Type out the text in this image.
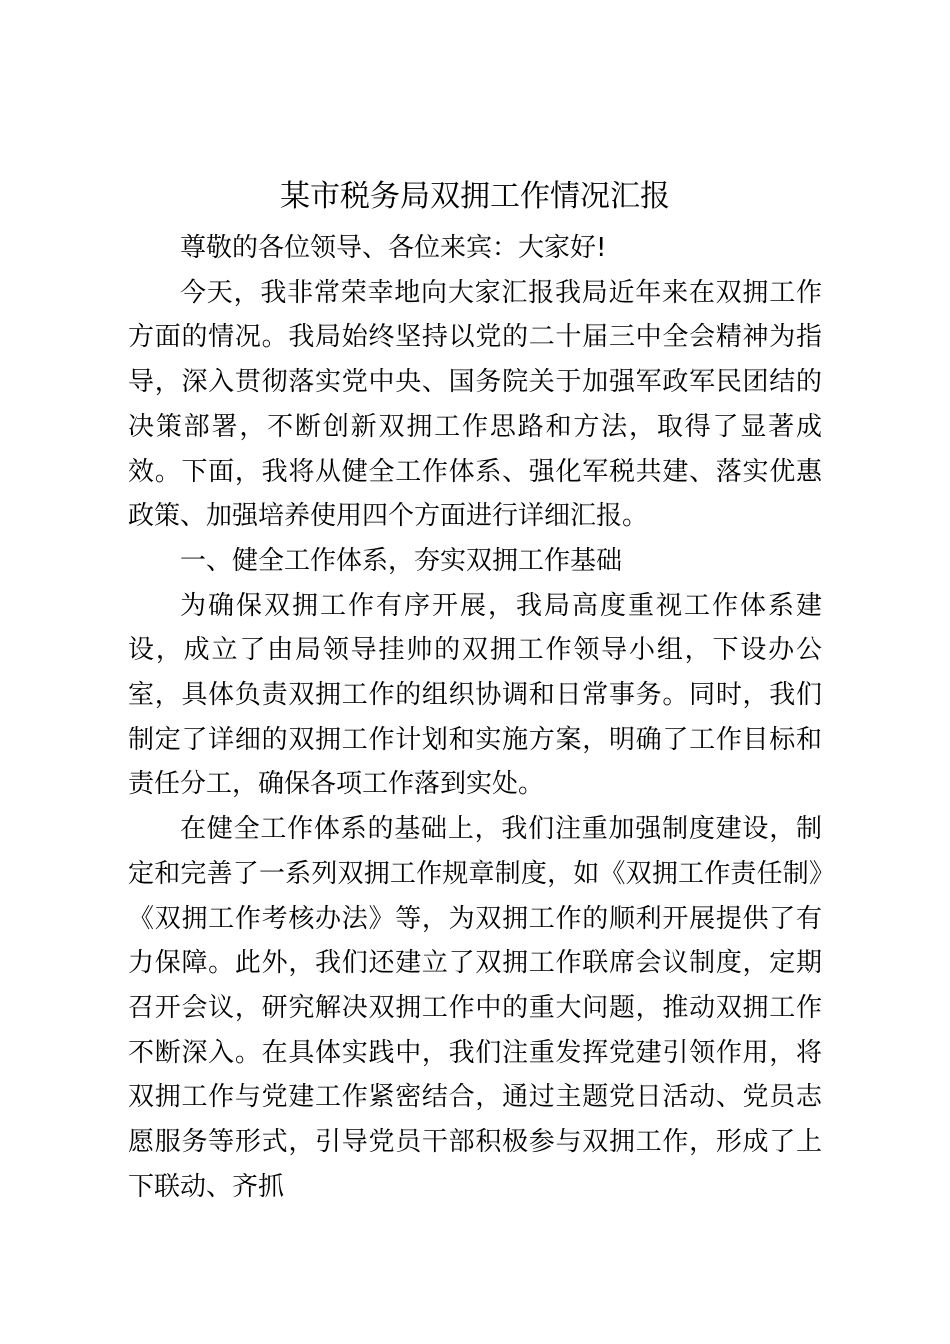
某市税务局双拥工作情况汇报

尊敬的各位领导、各位来宾：大家好!

今天，我非常荣幸地向大家汇报我局近年来在双拥工作方面的情况。我局始终坚持以党的二十届三中全会精神为指导，深入贯彻落实党中央、国务院关于加强军政军民团结的决策部署，不断创新双拥工作思路和方法，取得了显著成效。下面，我将从健全工作体系、强化军税共建、落实优惠政策、加强培养使用四个方面进行详细汇报。

一、健全工作体系，夯实双拥工作基础

为确保双拥工作有序开展，我局高度重视工作体系建设，成立了由局领导挂帅的双拥工作领导小组，下设办公室，具体负责双拥工作的组织协调和日常事务。同时，我们制定了详细的双拥工作计划和实施方案，明确了工作目标和责任分工，确保各项工作落到实处。

在健全工作体系的基础上，我们注重加强制度建设，制定和完善了一系列双拥工作规章制度，如《双拥工作责任制》《双拥工作考核办法》等，为双拥工作的顺利开展提供了有力保障。此外，我们还建立了双拥工作联席会议制度，定期召开会议，研究解决双拥工作中的重大问题，推动双拥工作不断深入。在具体实践中，我们注重发挥党建引领作用，将双拥工作与党建工作紧密结合，通过主题党日活动、党员志愿服务等形式，引导党员干部积极参与双拥工作，形成了上下联动、齐抓
